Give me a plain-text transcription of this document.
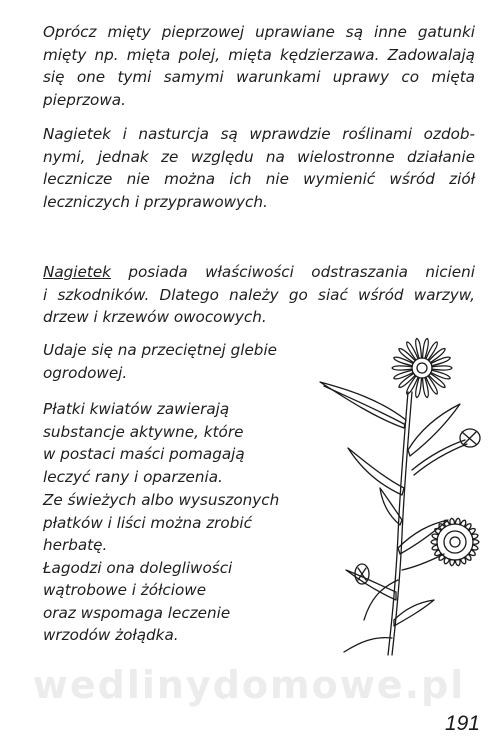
Oprócz mięty pieprzowej uprawiane są inne gatunki
mięty np. mięta polej, mięta kędzierzawa. Zadowalają
się one tymi samymi warunkami uprawy co mięta
pieprzowa.

Nagietek i nasturcja są wprawdzie roślinami ozdob-
nymi, jednak ze względu na wielostronne działanie
lecznicze nie można ich nie wymienić wśród ziół
leczniczych i przyprawowych.

Nagietek posiada właściwości odstraszania nicieni
i szkodników. Dlatego należy go siać wśród warzyw,
drzew i krzewów owocowych.

Udaje się na przeciętnej glebie
ogrodowej.

Płatki kwiatów zawierają
substancje aktywne, które
w postaci maści pomagają
leczyć rany i oparzenia.

Ze świeżych albo wysuszonych
płatków i liści można zrobić
herbatę.
Łagodzi ona dolegliwości
wątrobowe i żółciowe
oraz wspomaga leczenie
wrzodów żołądka.

wedlinydomowe.pl
191
